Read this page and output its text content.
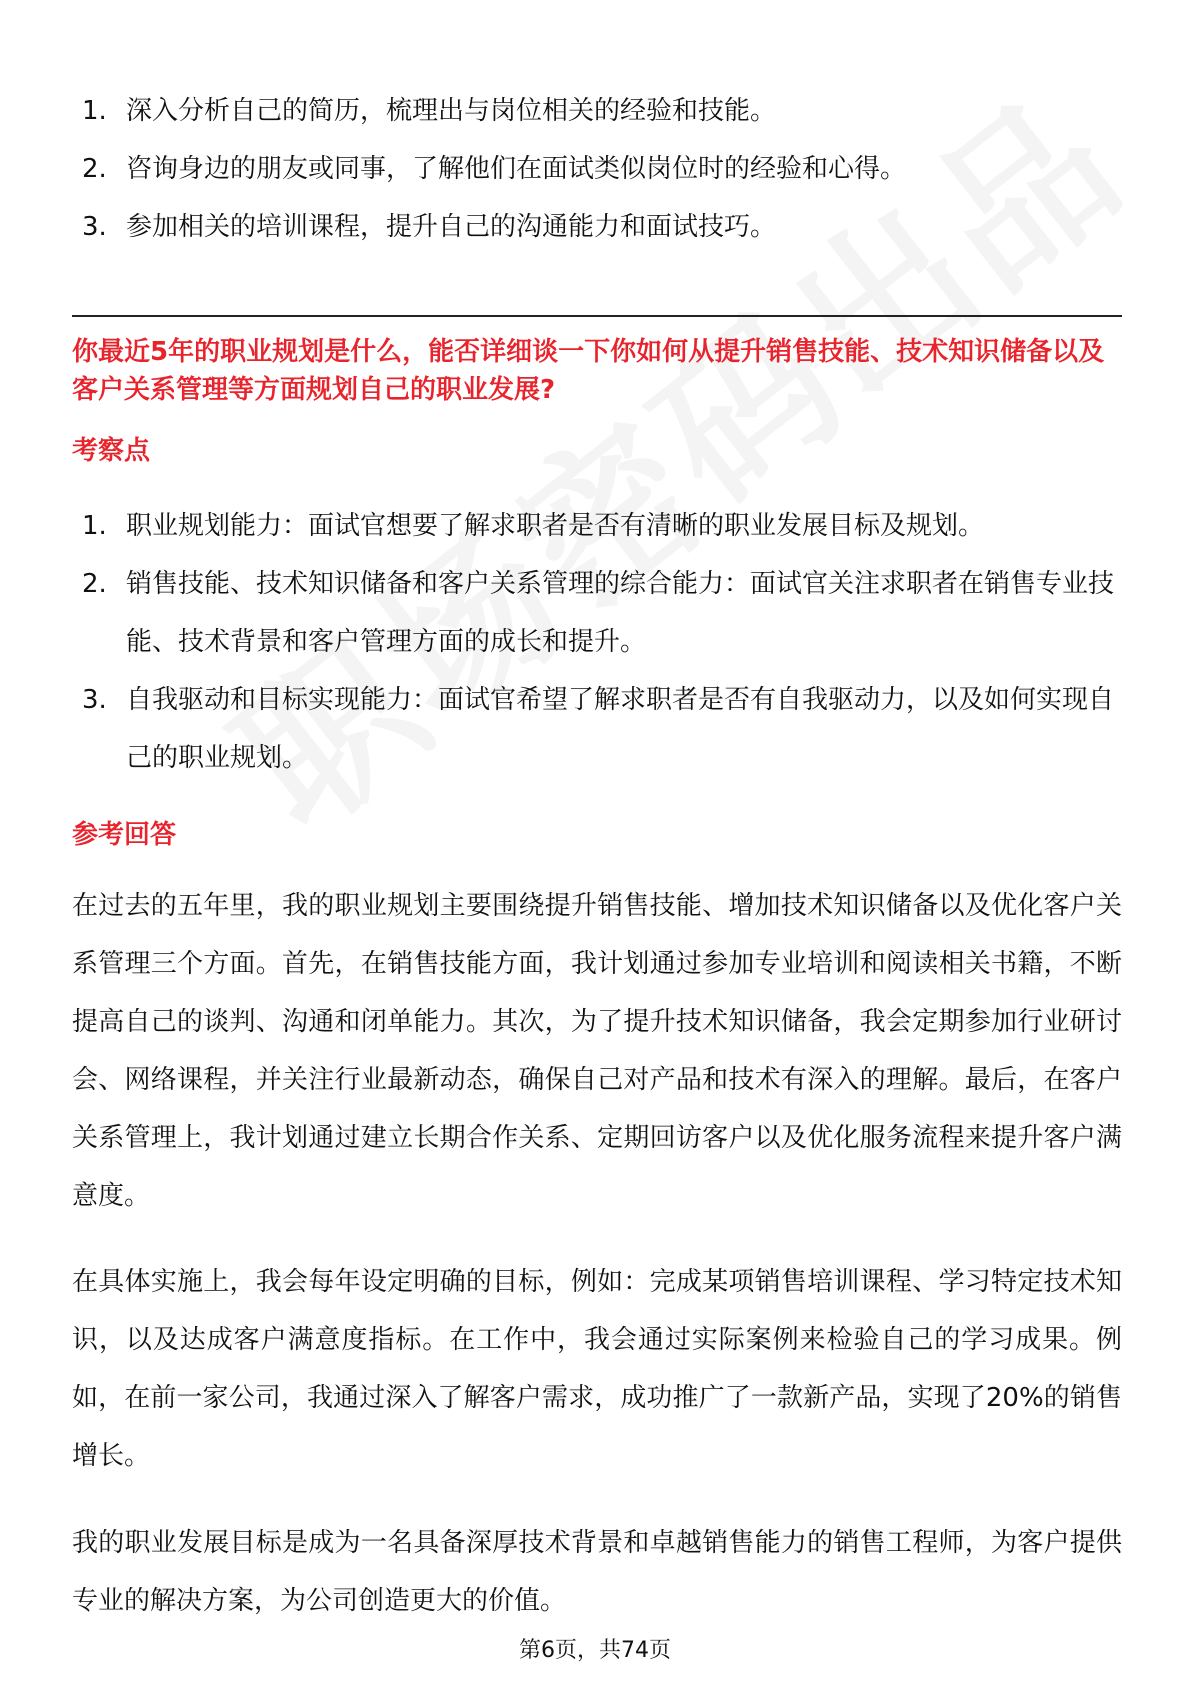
1. 深入分析自己的简历，梳理出与岗位相关的经验和技能。
2. 咨询身边的朋友或同事，了解他们在面试类似岗位时的经验和心得。
3. 参加相关的培训课程，提升自己的沟通能力和面试技巧。

你最近5年的职业规划是什么，能否详细谈一下你如何从提升销售技能、技术知识储备以及客户关系管理等方面规划自己的职业发展?

考察点

1. 职业规划能力：面试官想要了解求职者是否有清晰的职业发展目标及规划。
2. 销售技能、技术知识储备和客户关系管理的综合能力：面试官关注求职者在销售专业技能、技术背景和客户管理方面的成长和提升。
3. 自我驱动和目标实现能力：面试官希望了解求职者是否有自我驱动力，以及如何实现自己的职业规划。

参考回答

在过去的五年里，我的职业规划主要围绕提升销售技能、增加技术知识储备以及优化客户关系管理三个方面。首先，在销售技能方面，我计划通过参加专业培训和阅读相关书籍，不断提高自己的谈判、沟通和闭单能力。其次，为了提升技术知识储备，我会定期参加行业研讨会、网络课程，并关注行业最新动态，确保自己对产品和技术有深入的理解。最后，在客户关系管理上，我计划通过建立长期合作关系、定期回访客户以及优化服务流程来提升客户满意度。

在具体实施上，我会每年设定明确的目标，例如：完成某项销售培训课程、学习特定技术知识，以及达成客户满意度指标。在工作中，我会通过实际案例来检验自己的学习成果。例如，在前一家公司，我通过深入了解客户需求，成功推广了一款新产品，实现了20%的销售增长。

我的职业发展目标是成为一名具备深厚技术背景和卓越销售能力的销售工程师，为客户提供专业的解决方案，为公司创造更大的价值。

第6页，共74页
